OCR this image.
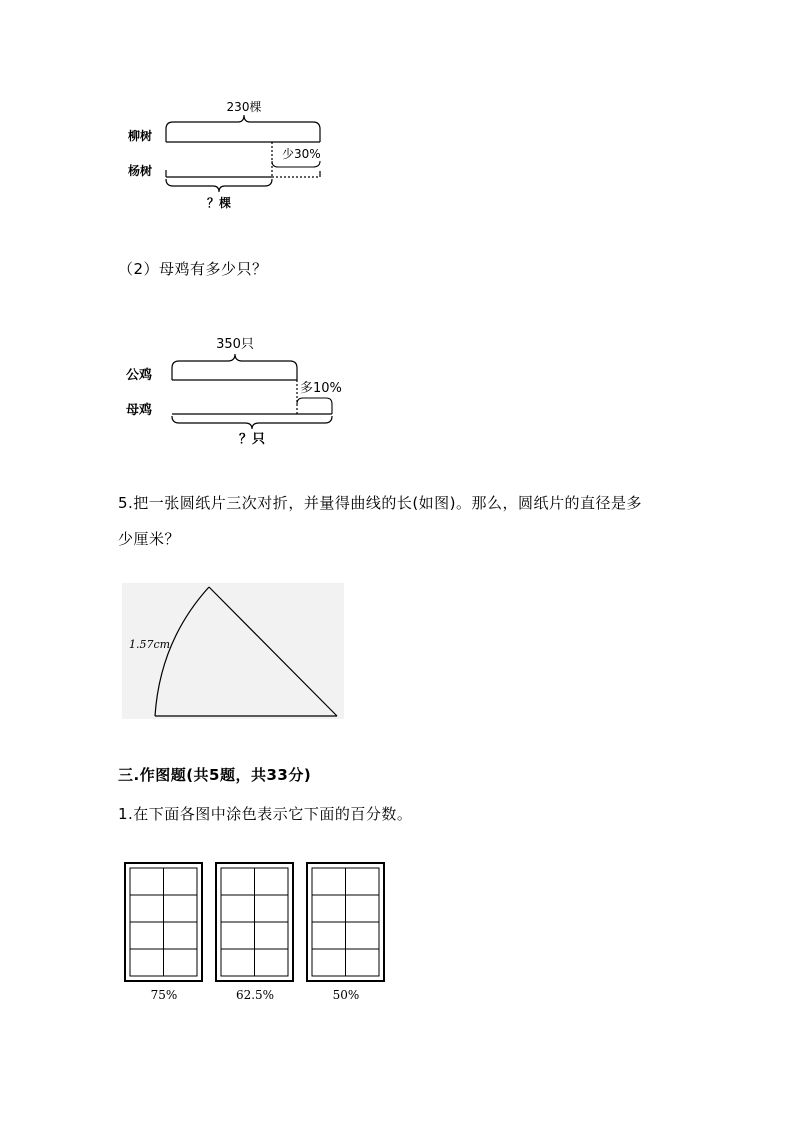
230棵
柳树
少30%
杨树
？棵
（2）母鸡有多少只？
350只
公鸡
多10%
母鸡
？只
5.把一张圆纸片三次对折，并量得曲线的长(如图)。那么，圆纸片的直径是多
少厘米？
1.57cm
三.作图题(共5题，共33分)
1.在下面各图中涂色表示它下面的百分数。
75%	62.5%	50%
